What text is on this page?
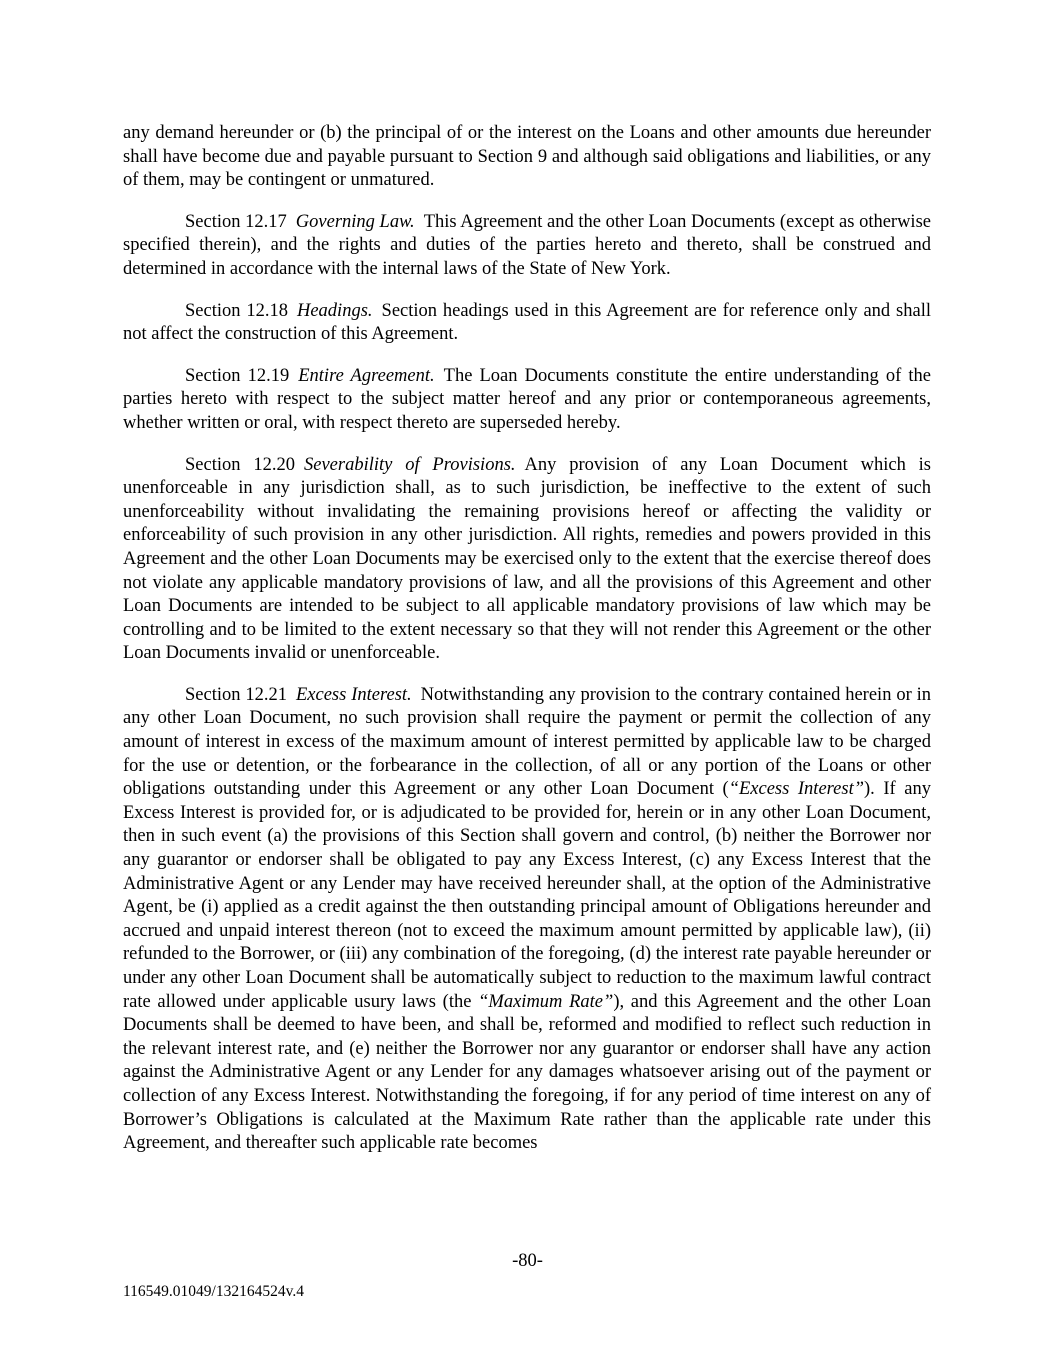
any demand hereunder or (b) the principal of or the interest on the Loans and other amounts due hereunder shall have become due and payable pursuant to Section 9 and although said obligations and liabilities, or any of them, may be contingent or unmatured.

Section 12.17 Governing Law. This Agreement and the other Loan Documents (except as otherwise specified therein), and the rights and duties of the parties hereto and thereto, shall be construed and determined in accordance with the internal laws of the State of New York.

Section 12.18 Headings. Section headings used in this Agreement are for reference only and shall not affect the construction of this Agreement.

Section 12.19 Entire Agreement. The Loan Documents constitute the entire understanding of the parties hereto with respect to the subject matter hereof and any prior or contemporaneous agreements, whether written or oral, with respect thereto are superseded hereby.

Section 12.20 Severability of Provisions. Any provision of any Loan Document which is unenforceable in any jurisdiction shall, as to such jurisdiction, be ineffective to the extent of such unenforceability without invalidating the remaining provisions hereof or affecting the validity or enforceability of such provision in any other jurisdiction. All rights, remedies and powers provided in this Agreement and the other Loan Documents may be exercised only to the extent that the exercise thereof does not violate any applicable mandatory provisions of law, and all the provisions of this Agreement and other Loan Documents are intended to be subject to all applicable mandatory provisions of law which may be controlling and to be limited to the extent necessary so that they will not render this Agreement or the other Loan Documents invalid or unenforceable.

Section 12.21 Excess Interest. Notwithstanding any provision to the contrary contained herein or in any other Loan Document, no such provision shall require the payment or permit the collection of any amount of interest in excess of the maximum amount of interest permitted by applicable law to be charged for the use or detention, or the forbearance in the collection, of all or any portion of the Loans or other obligations outstanding under this Agreement or any other Loan Document (“Excess Interest”). If any Excess Interest is provided for, or is adjudicated to be provided for, herein or in any other Loan Document, then in such event (a) the provisions of this Section shall govern and control, (b) neither the Borrower nor any guarantor or endorser shall be obligated to pay any Excess Interest, (c) any Excess Interest that the Administrative Agent or any Lender may have received hereunder shall, at the option of the Administrative Agent, be (i) applied as a credit against the then outstanding principal amount of Obligations hereunder and accrued and unpaid interest thereon (not to exceed the maximum amount permitted by applicable law), (ii) refunded to the Borrower, or (iii) any combination of the foregoing, (d) the interest rate payable hereunder or under any other Loan Document shall be automatically subject to reduction to the maximum lawful contract rate allowed under applicable usury laws (the “Maximum Rate”), and this Agreement and the other Loan Documents shall be deemed to have been, and shall be, reformed and modified to reflect such reduction in the relevant interest rate, and (e) neither the Borrower nor any guarantor or endorser shall have any action against the Administrative Agent or any Lender for any damages whatsoever arising out of the payment or collection of any Excess Interest. Notwithstanding the foregoing, if for any period of time interest on any of Borrower’s Obligations is calculated at the Maximum Rate rather than the applicable rate under this Agreement, and thereafter such applicable rate becomes

-80-
116549.01049/132164524v.4
